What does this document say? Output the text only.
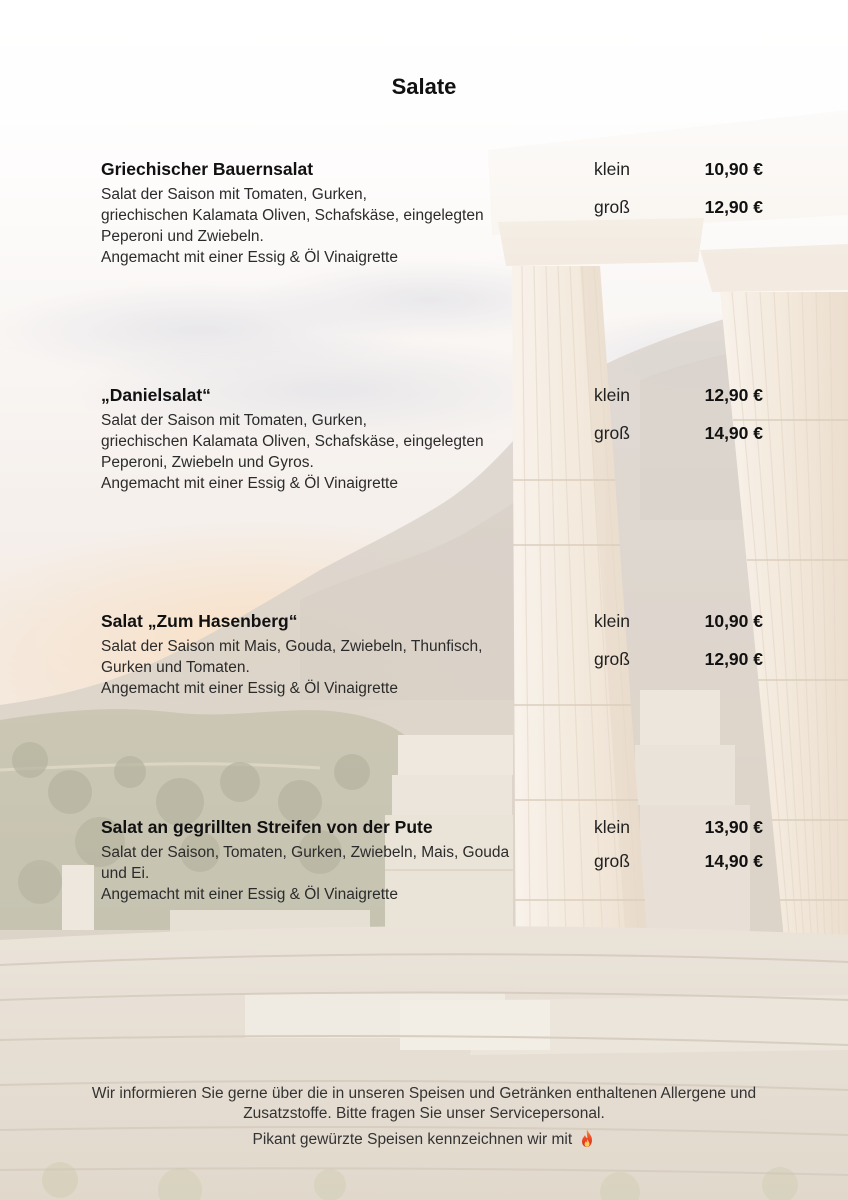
Salate
Griechischer Bauernsalat
Salat der Saison mit Tomaten, Gurken,
griechischen Kalamata Oliven, Schafskäse, eingelegten
Peperoni und Zwiebeln.
Angemacht mit einer Essig & Öl Vinaigrette
klein	10,90 €
groß	12,90 €
„Danielsalat“
Salat der Saison mit Tomaten, Gurken,
griechischen Kalamata Oliven, Schafskäse, eingelegten
Peperoni, Zwiebeln und Gyros.
Angemacht mit einer Essig & Öl Vinaigrette
klein	12,90 €
groß	14,90 €
Salat „Zum Hasenberg“
Salat der Saison mit Mais, Gouda, Zwiebeln, Thunfisch,
Gurken und Tomaten.
Angemacht mit einer Essig & Öl Vinaigrette
klein	10,90 €
groß	12,90 €
Salat an gegrillten Streifen von der Pute
Salat der Saison, Tomaten, Gurken, Zwiebeln, Mais, Gouda
und Ei.
Angemacht mit einer Essig & Öl Vinaigrette
klein	13,90 €
groß	14,90 €
Wir informieren Sie gerne über die in unseren Speisen und Getränken enthaltenen Allergene und
Zusatzstoffe. Bitte fragen Sie unser Servicepersonal.
Pikant gewürzte Speisen kennzeichnen wir mit
